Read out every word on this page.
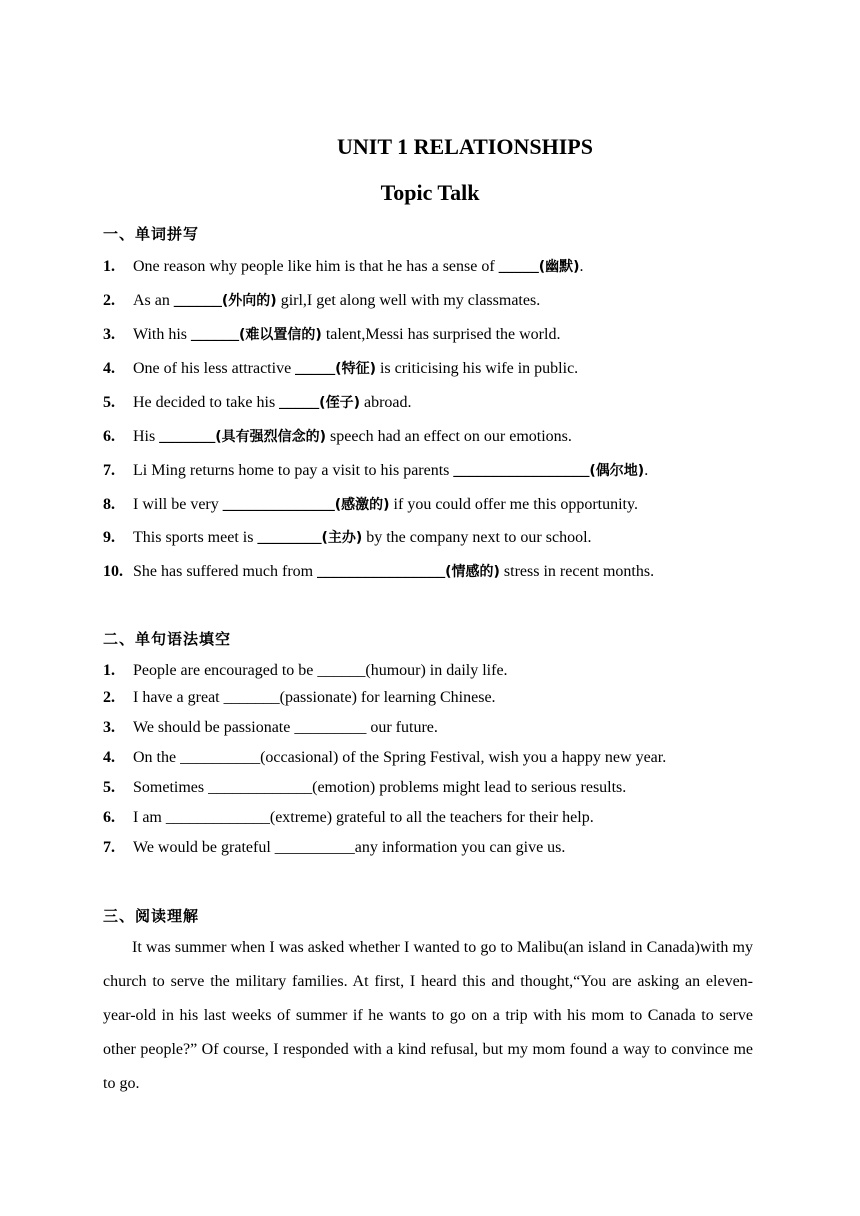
UNIT 1 RELATIONSHIPS
Topic Talk
一、单词拼写
1. One reason why people like him is that he has a sense of _____(幽默).
2. As an ______(外向的) girl,I get along well with my classmates.
3. With his ______(难以置信的) talent,Messi has surprised the world.
4. One of his less attractive _____(特征) is criticising his wife in public.
5. He decided to take his _____(侄子) abroad.
6. His _______(具有强烈信念的) speech had an effect on our emotions.
7. Li Ming returns home to pay a visit to his parents _________________(偶尔地).
8. I will be very ______________(感激的) if you could offer me this opportunity.
9. This sports meet is ________(主办) by the company next to our school.
10. She has suffered much from ________________(情感的) stress in recent months.
二、单句语法填空
1. People are encouraged to be ______(humour) in daily life.
2. I have a great _______(passionate) for learning Chinese.
3. We should be passionate _________ our future.
4. On the __________(occasional) of the Spring Festival, wish you a happy new year.
5. Sometimes _____________(emotion) problems might lead to serious results.
6. I am _____________(extreme) grateful to all the teachers for their help.
7. We would be grateful __________any information you can give us.
三、阅读理解

It was summer when I was asked whether I wanted to go to Malibu(an island in Canada)with my church to serve the military families. At first, I heard this and thought,“You are asking an eleven-year-old in his last weeks of summer if he wants to go on a trip with his mom to Canada to serve other people?” Of course, I responded with a kind refusal, but my mom found a way to convince me to go.
